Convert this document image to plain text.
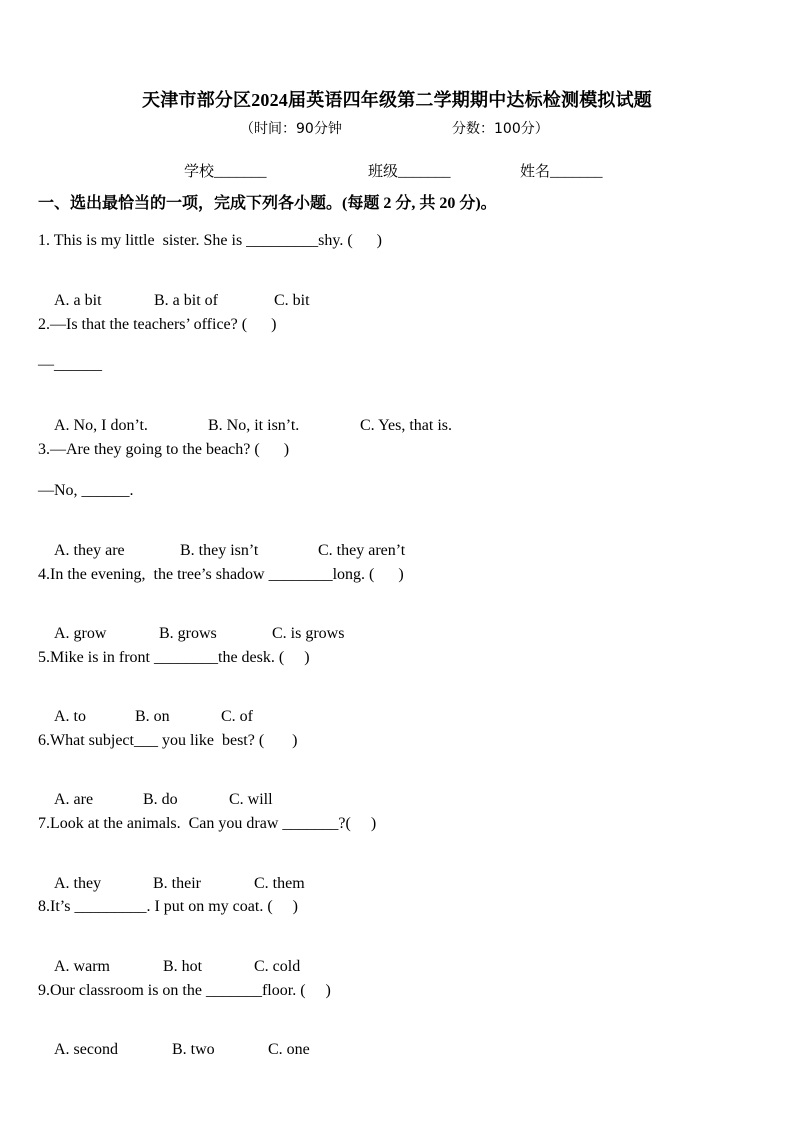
天津市部分区2024届英语四年级第二学期期中达标检测模拟试题
（时间：90分钟	分数：100分）
学校_______	班级_______	姓名_______
一、选出最恰当的一项，完成下列各小题。(每题 2 分, 共 20 分)。
1. This is my little  sister. She is _________shy. (      )

A. a bit	B. a bit of	C. bit

2.—Is that the teachers’ office? (      )
—______

A. No, I don’t.	B. No, it isn’t.	C. Yes, that is.

3.—Are they going to the beach? (      )
—No, ______.

A. they are	B. they isn’t	C. they aren’t

4.In the evening,  the tree’s shadow ________long. (      )

A. grow	B. grows	C. is grows

5.Mike is in front ________the desk. (     )

A. to	B. on	C. of

6.What subject___ you like  best? (       )

A. are	B. do	C. will

7.Look at the animals.  Can you draw _______?(     )

A. they	B. their	C. them

8.It’s _________. I put on my coat. (     )

A. warm	B. hot	C. cold

9.Our classroom is on the _______floor. (     )

A. second	B. two	C. one
